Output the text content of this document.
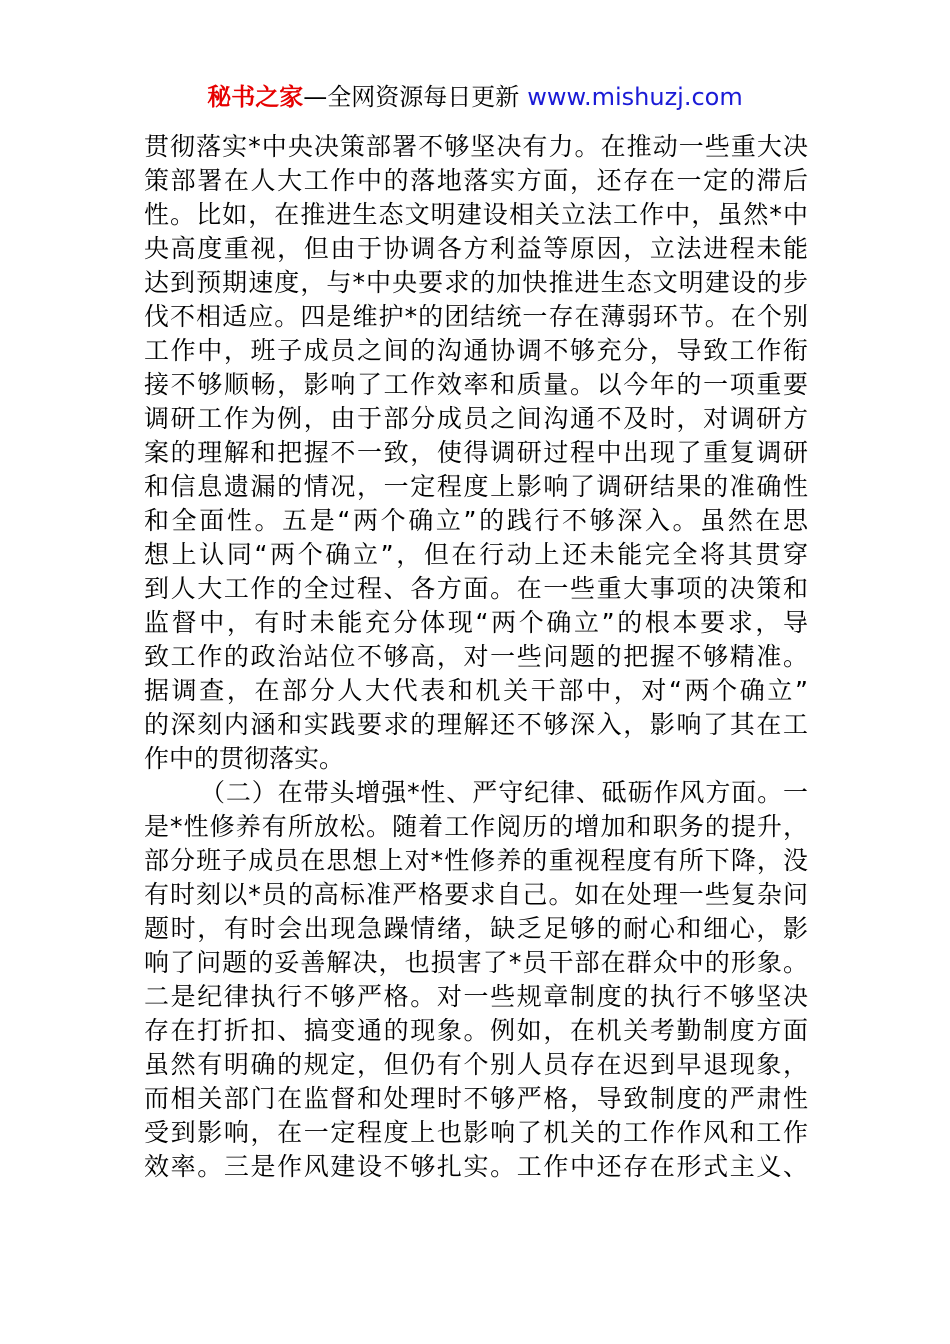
秘书之家—全网资源每日更新 www.mishuzj.com
贯彻落实*中央决策部署不够坚决有力。在推动一些重大决
策部署在人大工作中的落地落实方面，还存在一定的滞后
性。比如，在推进生态文明建设相关立法工作中，虽然*中
央高度重视，但由于协调各方利益等原因，立法进程未能
达到预期速度，与*中央要求的加快推进生态文明建设的步
伐不相适应。四是维护*的团结统一存在薄弱环节。在个别
工作中，班子成员之间的沟通协调不够充分，导致工作衔
接不够顺畅，影响了工作效率和质量。以今年的一项重要
调研工作为例，由于部分成员之间沟通不及时，对调研方
案的理解和把握不一致，使得调研过程中出现了重复调研
和信息遗漏的情况，一定程度上影响了调研结果的准确性
和全面性。五是“两个确立”的践行不够深入。虽然在思
想上认同“两个确立”，但在行动上还未能完全将其贯穿
到人大工作的全过程、各方面。在一些重大事项的决策和
监督中，有时未能充分体现“两个确立”的根本要求，导
致工作的政治站位不够高，对一些问题的把握不够精准。
据调查，在部分人大代表和机关干部中，对“两个确立”
的深刻内涵和实践要求的理解还不够深入，影响了其在工
作中的贯彻落实。
（二）在带头增强*性、严守纪律、砥砺作风方面。一
是*性修养有所放松。随着工作阅历的增加和职务的提升，
部分班子成员在思想上对*性修养的重视程度有所下降，没
有时刻以*员的高标准严格要求自己。如在处理一些复杂问
题时，有时会出现急躁情绪，缺乏足够的耐心和细心，影
响了问题的妥善解决，也损害了*员干部在群众中的形象。
二是纪律执行不够严格。对一些规章制度的执行不够坚决
存在打折扣、搞变通的现象。例如，在机关考勤制度方面
虽然有明确的规定，但仍有个别人员存在迟到早退现象，
而相关部门在监督和处理时不够严格，导致制度的严肃性
受到影响，在一定程度上也影响了机关的工作作风和工作
效率。三是作风建设不够扎实。工作中还存在形式主义、
